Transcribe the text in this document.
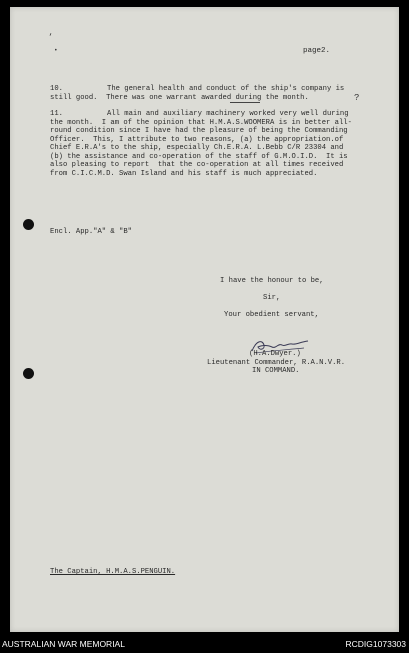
page2.
‘
•
10.	The general health and conduct of the ship's company is
still good.  There was one warrant awarded during the month.	?
11.	All main and auxiliary machinery worked very well during
the month.  I am of the opinion that H.M.A.S.WOOMERA is in better all-
round condition since I have had the pleasure of being the Commanding
Officer.  This, I attribute to two reasons, (a) the appropriation.of
Chief E.R.A's to the ship, especially Ch.E.R.A. L.Bebb C/R 23304 and
(b) the assistance and co-operation of the staff of G.M.O.I.D.  It is
also pleasing to report  that the co-operation at all times received
from C.I.C.M.D. Swan Island and his staff is much appreciated.
Encl. App."A" & "B"
I have the honour to be,
Sir,
Your obedient servant,
(H.A.Dwyer.)
Lieutenant Commander, R.A.N.V.R.
IN COMMAND.
The Captain, H.M.A.S.PENGUIN.
AUSTRALIAN WAR MEMORIAL	RCDIG1073303
